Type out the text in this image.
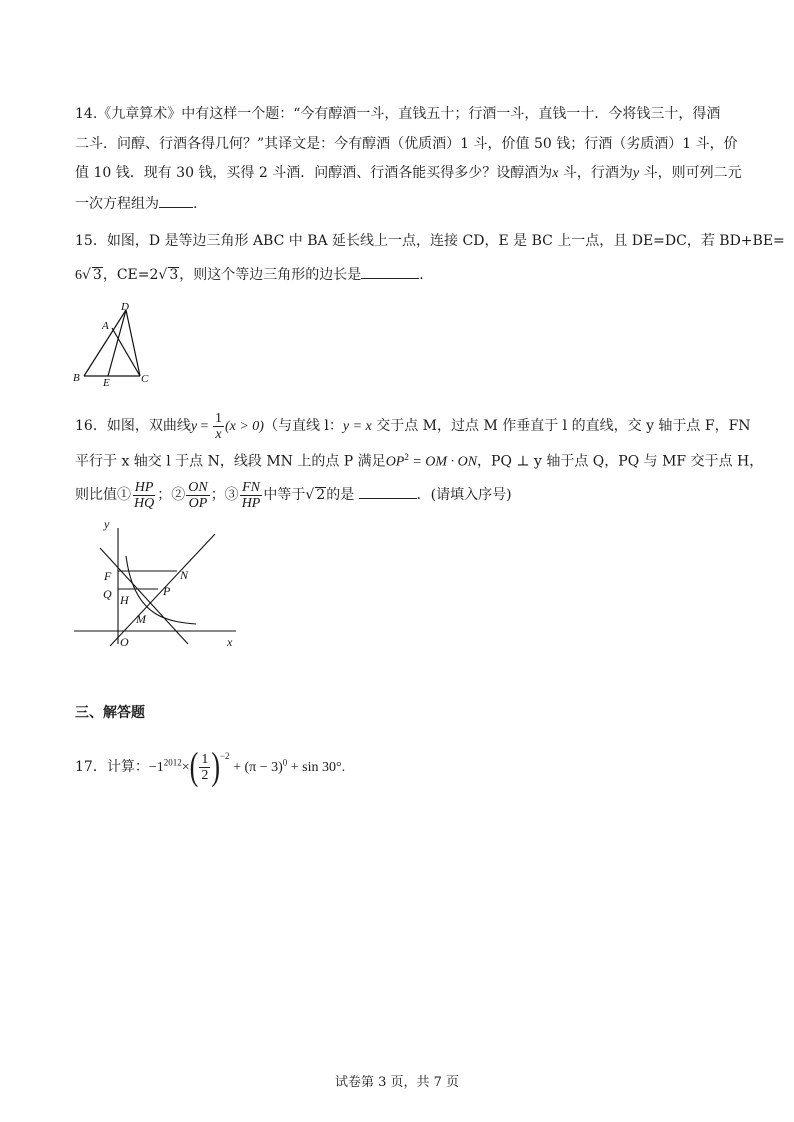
14.《九章算术》中有这样一个题：“今有醇酒一斗，直钱五十；行酒一斗，直钱一十．今将钱三十，得酒
二斗．问醇、行酒各得几何？”其译文是：今有醇酒（优质酒）1 斗，价值 50 钱；行酒（劣质酒）1 斗，价
值 10 钱．现有 30 钱，买得 2 斗酒．问醇酒、行酒各能买得多少？设醇酒为x 斗，行酒为y 斗，则可列二元
一次方程组为 .
15．如图，D 是等边三角形 ABC 中 BA 延长线上一点，连接 CD，E 是 BC 上一点，且 DE=DC，若 BD+BE=
6√ 3，CE=2√ 3，则这个等边三角形的边长是	.
D
A
B E	C
16．如图，双曲线$y = \frac{1}{x} (x > 0)$（与直线 l：y = x 交于点 M，过点 M 作垂直于 l 的直线，交 y 轴于点 F，FN
平行于 x 轴交 l 于点 N，线段 MN 上的点 P 满足$OP^2$ = OM · ON，PQ ⊥ y 轴于点 Q，PQ 与 MF 交于点 H，
则比值① $\frac{HP}{HQ}$ ；② $\frac{ON}{OP}$ ；③ $\frac{FN}{HP}$ 中等于√ 2的是	．(请填入序号)
y
F	N
Q H
P
M
O	x
三、解答题
17．计算：$-1^{2012}\times( \frac{1}{2} )^{-2} + (\pi - 3)^0 + \sin 30^\circ$.
试卷第 3 页，共 7 页
